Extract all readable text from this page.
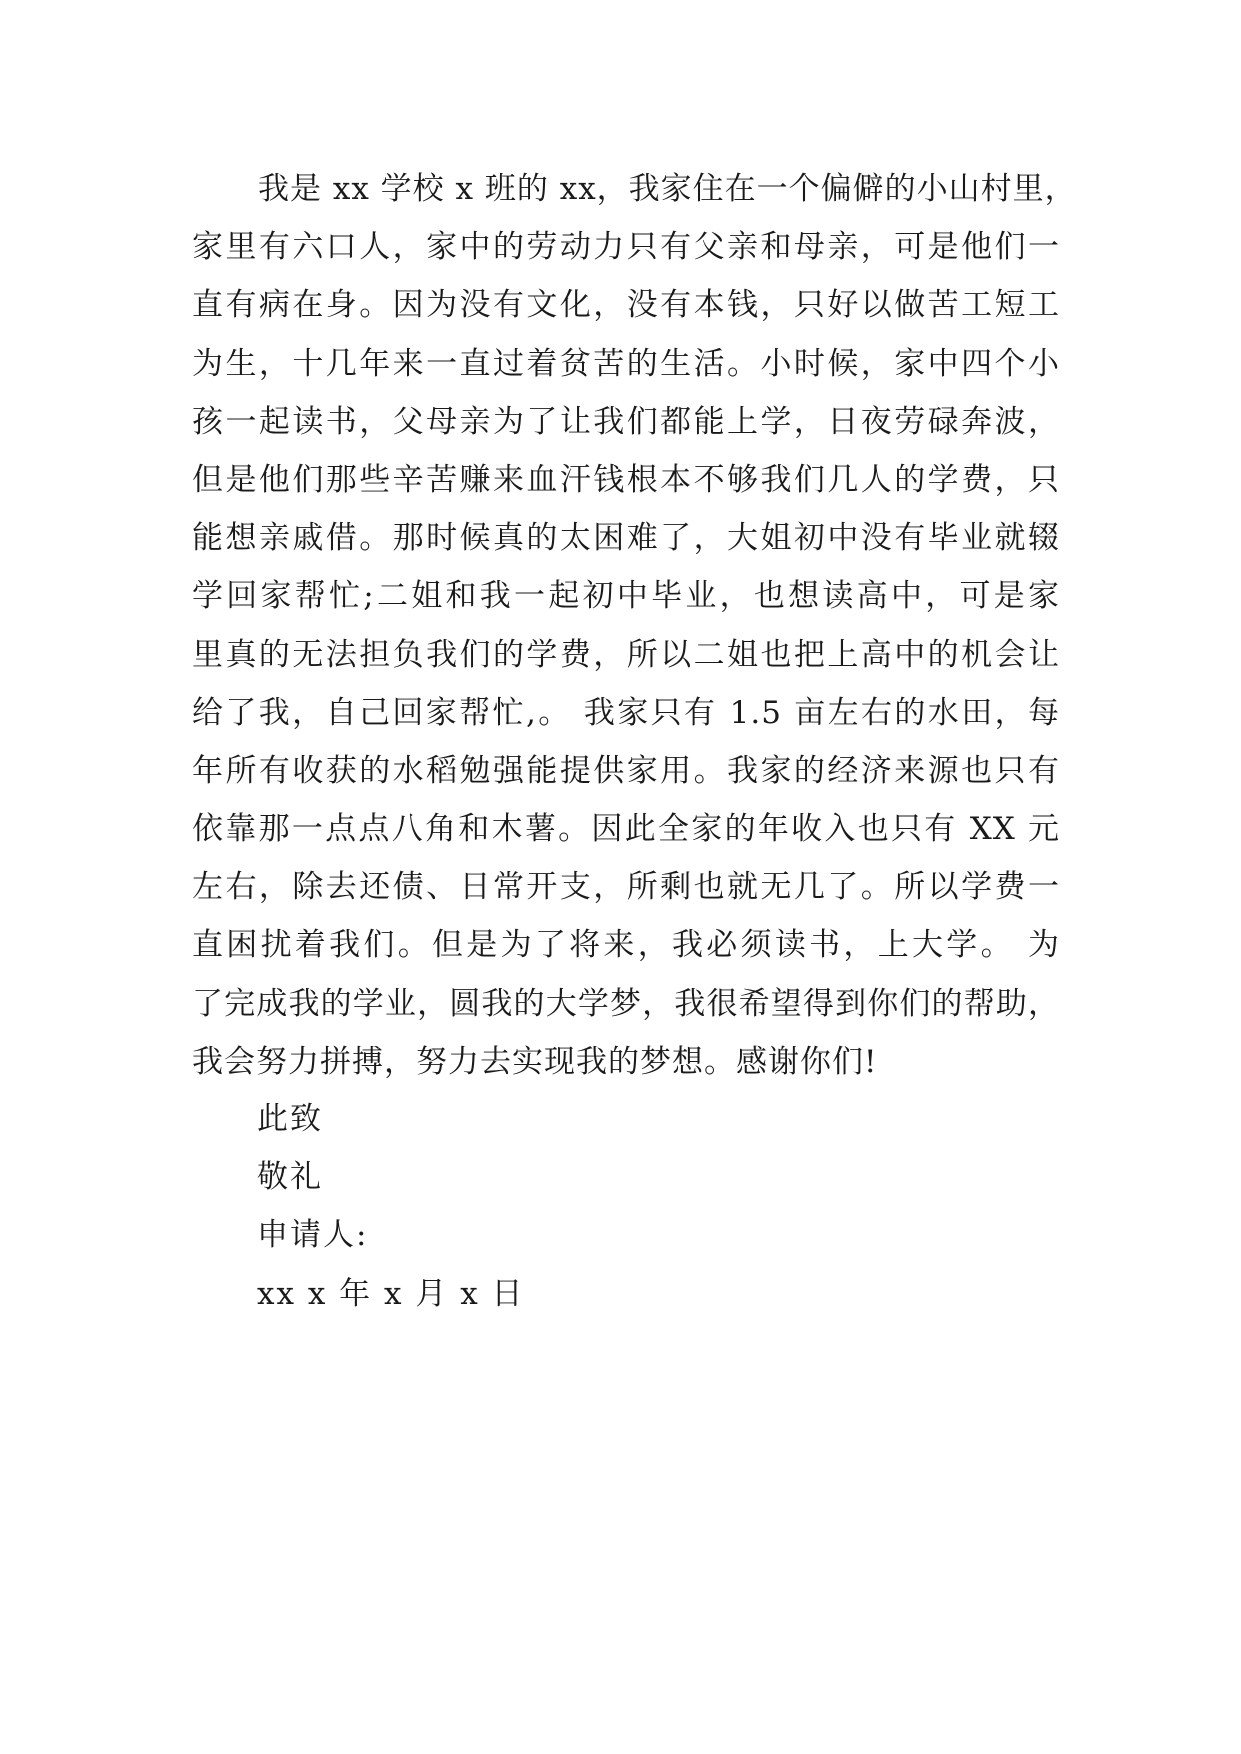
我是 xx 学校 x 班的 xx，我家住在一个偏僻的小山村里，
家里有六口人，家中的劳动力只有父亲和母亲，可是他们一
直有病在身。因为没有文化，没有本钱，只好以做苦工短工
为生，十几年来一直过着贫苦的生活。小时候，家中四个小
孩一起读书，父母亲为了让我们都能上学，日夜劳碌奔波，
但是他们那些辛苦赚来血汗钱根本不够我们几人的学费，只
能想亲戚借。那时候真的太困难了，大姐初中没有毕业就辍
学回家帮忙;二姐和我一起初中毕业，也想读高中，可是家
里真的无法担负我们的学费，所以二姐也把上高中的机会让
给了我，自己回家帮忙,。 我家只有 1.5 亩左右的水田，每
年所有收获的水稻勉强能提供家用。我家的经济来源也只有
依靠那一点点八角和木薯。因此全家的年收入也只有 XX 元
左右，除去还债、日常开支，所剩也就无几了。所以学费一
直困扰着我们。但是为了将来，我必须读书，上大学。 为
了完成我的学业，圆我的大学梦，我很希望得到你们的帮助，
我会努力拼搏，努力去实现我的梦想。感谢你们!
此致
敬礼
申请人:
xx x 年 x 月 x 日
